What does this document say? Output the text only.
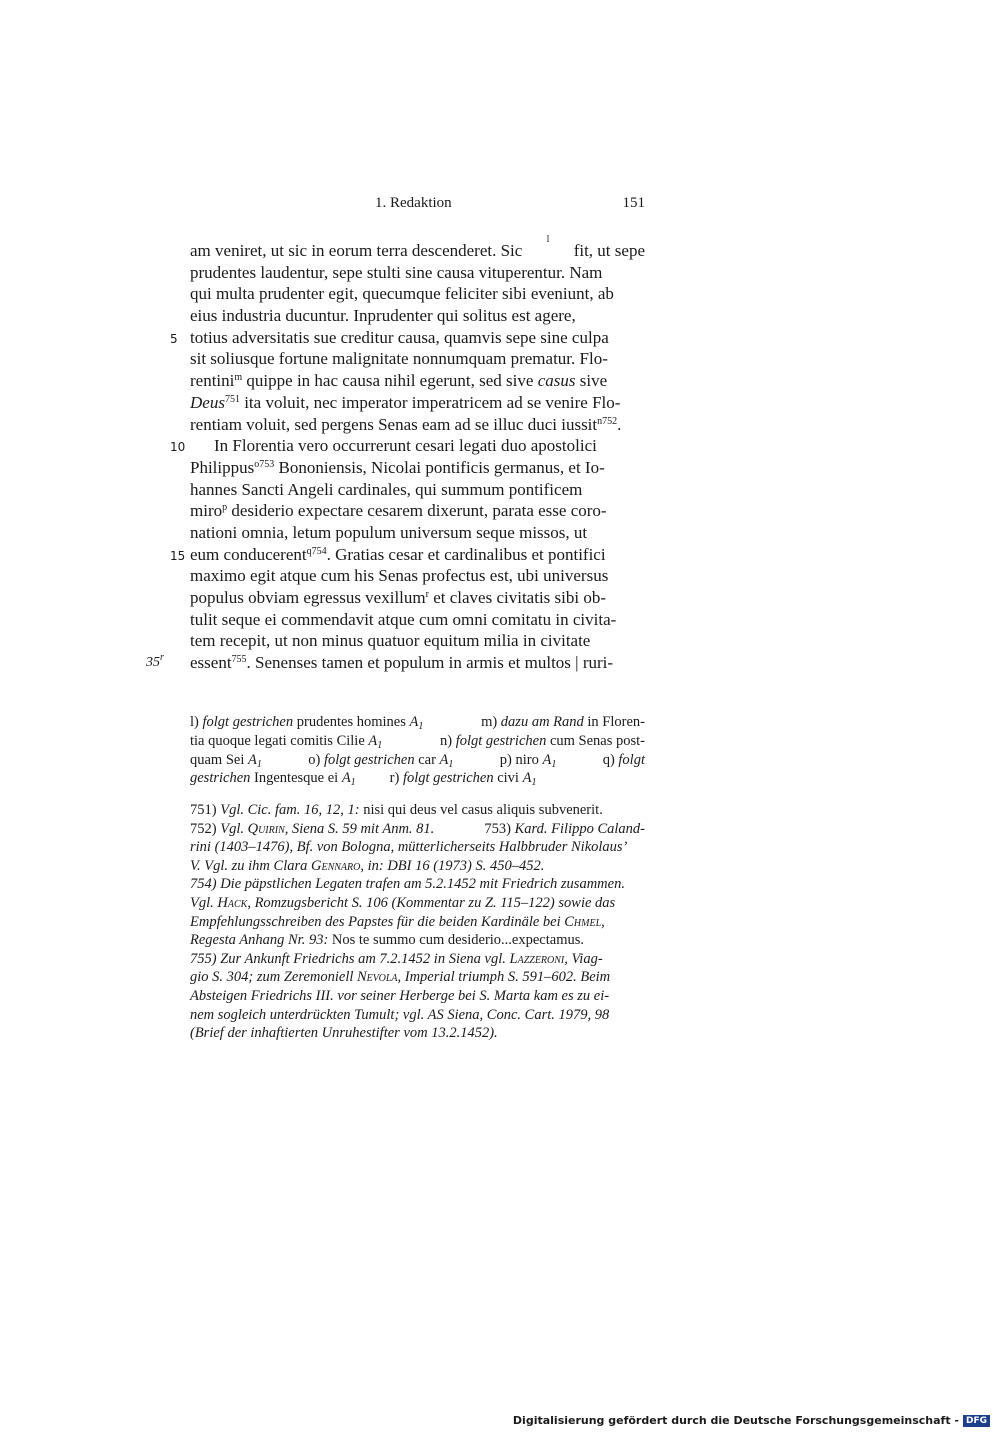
1. Redaktion	151
am veniret, ut sic in eorum terra descenderet. Sic
l
fit, ut sepe
prudentes laudentur, sepe stulti sine causa vituperentur. Nam
qui multa prudenter egit, quecumque feliciter sibi eveniunt, ab
eius industria ducuntur. Inprudenter qui solitus est agere,
5 totius adversitatis sue creditur causa, quamvis sepe sine culpa
sit soliusque fortune malignitate nonnumquam prematur. Flo-
rentini$^m$ quippe in hac causa nihil egerunt, sed sive casus sive
Deus$^{751}$ ita voluit, nec imperator imperatricem ad se venire Flo-
rentiam voluit, sed pergens Senas eam ad se illuc duci iussit$^{n752}$.
10 In Florentia vero occurrerunt cesari legati duo apostolici
Philippus$^{o753}$ Bononiensis, Nicolai pontificis germanus, et Io-
hannes Sancti Angeli cardinales, qui summum pontificem
miro$^p$ desiderio expectare cesarem dixerunt, parata esse coro-
nationi omnia, letum populum universum seque missos, ut
15 eum conducerent$^{q754}$. Gratias cesar et cardinalibus et pontifici
maximo egit atque cum his Senas profectus est, ubi universus
populus obviam egressus vexillum$^r$ et claves civitatis sibi ob-
tulit seque ei commendavit atque cum omni comitatu in civita-
tem recepit, ut non minus quatuor equitum milia in civitate
35$^r$ essent$^{755}$. Senenses tamen et populum in armis et multos | ruri-
l) folgt gestrichen prudentes homines $A_1$	m) dazu am Rand in Floren-
tia quoque legati comitis Cilie $A_1$	n) folgt gestrichen cum Senas post-
quam Sei $A_1$	o) folgt gestrichen car $A_1$	p) niro $A_1$	q) folgt
gestrichen Ingentesque ei $A_1$ r) folgt gestrichen civi $A_1$
751) Vgl. Cic. fam. 16, 12, 1: nisi qui deus vel casus aliquis subvenerit.
752) Vgl. Quirin, Siena S. 59 mit Anm. 81.	753) Kard. Filippo Caland-
rini (1403–1476), Bf. von Bologna, mütterlicherseits Halbbruder Nikolaus’
V. Vgl. zu ihm Clara Gennaro, in: DBI 16 (1973) S. 450–452.
754) Die päpstlichen Legaten trafen am 5.2.1452 mit Friedrich zusammen.
Vgl. Hack, Romzugsbericht S. 106 (Kommentar zu Z. 115–122) sowie das
Empfehlungsschreiben des Papstes für die beiden Kardinäle bei Chmel,
Regesta Anhang Nr. 93: Nos te summo cum desiderio...expectamus.
755) Zur Ankunft Friedrichs am 7.2.1452 in Siena vgl. Lazzeroni, Viag-
gio S. 304; zum Zeremoniell Nevola, Imperial triumph S. 591–602. Beim
Absteigen Friedrichs III. vor seiner Herberge bei S. Marta kam es zu ei-
nem sogleich unterdrückten Tumult; vgl. AS Siena, Conc. Cart. 1979, 98
(Brief der inhaftierten Unruhestifter vom 13.2.1452).
Digitalisierung gefördert durch die Deutsche Forschungsgemeinschaft - DFG
